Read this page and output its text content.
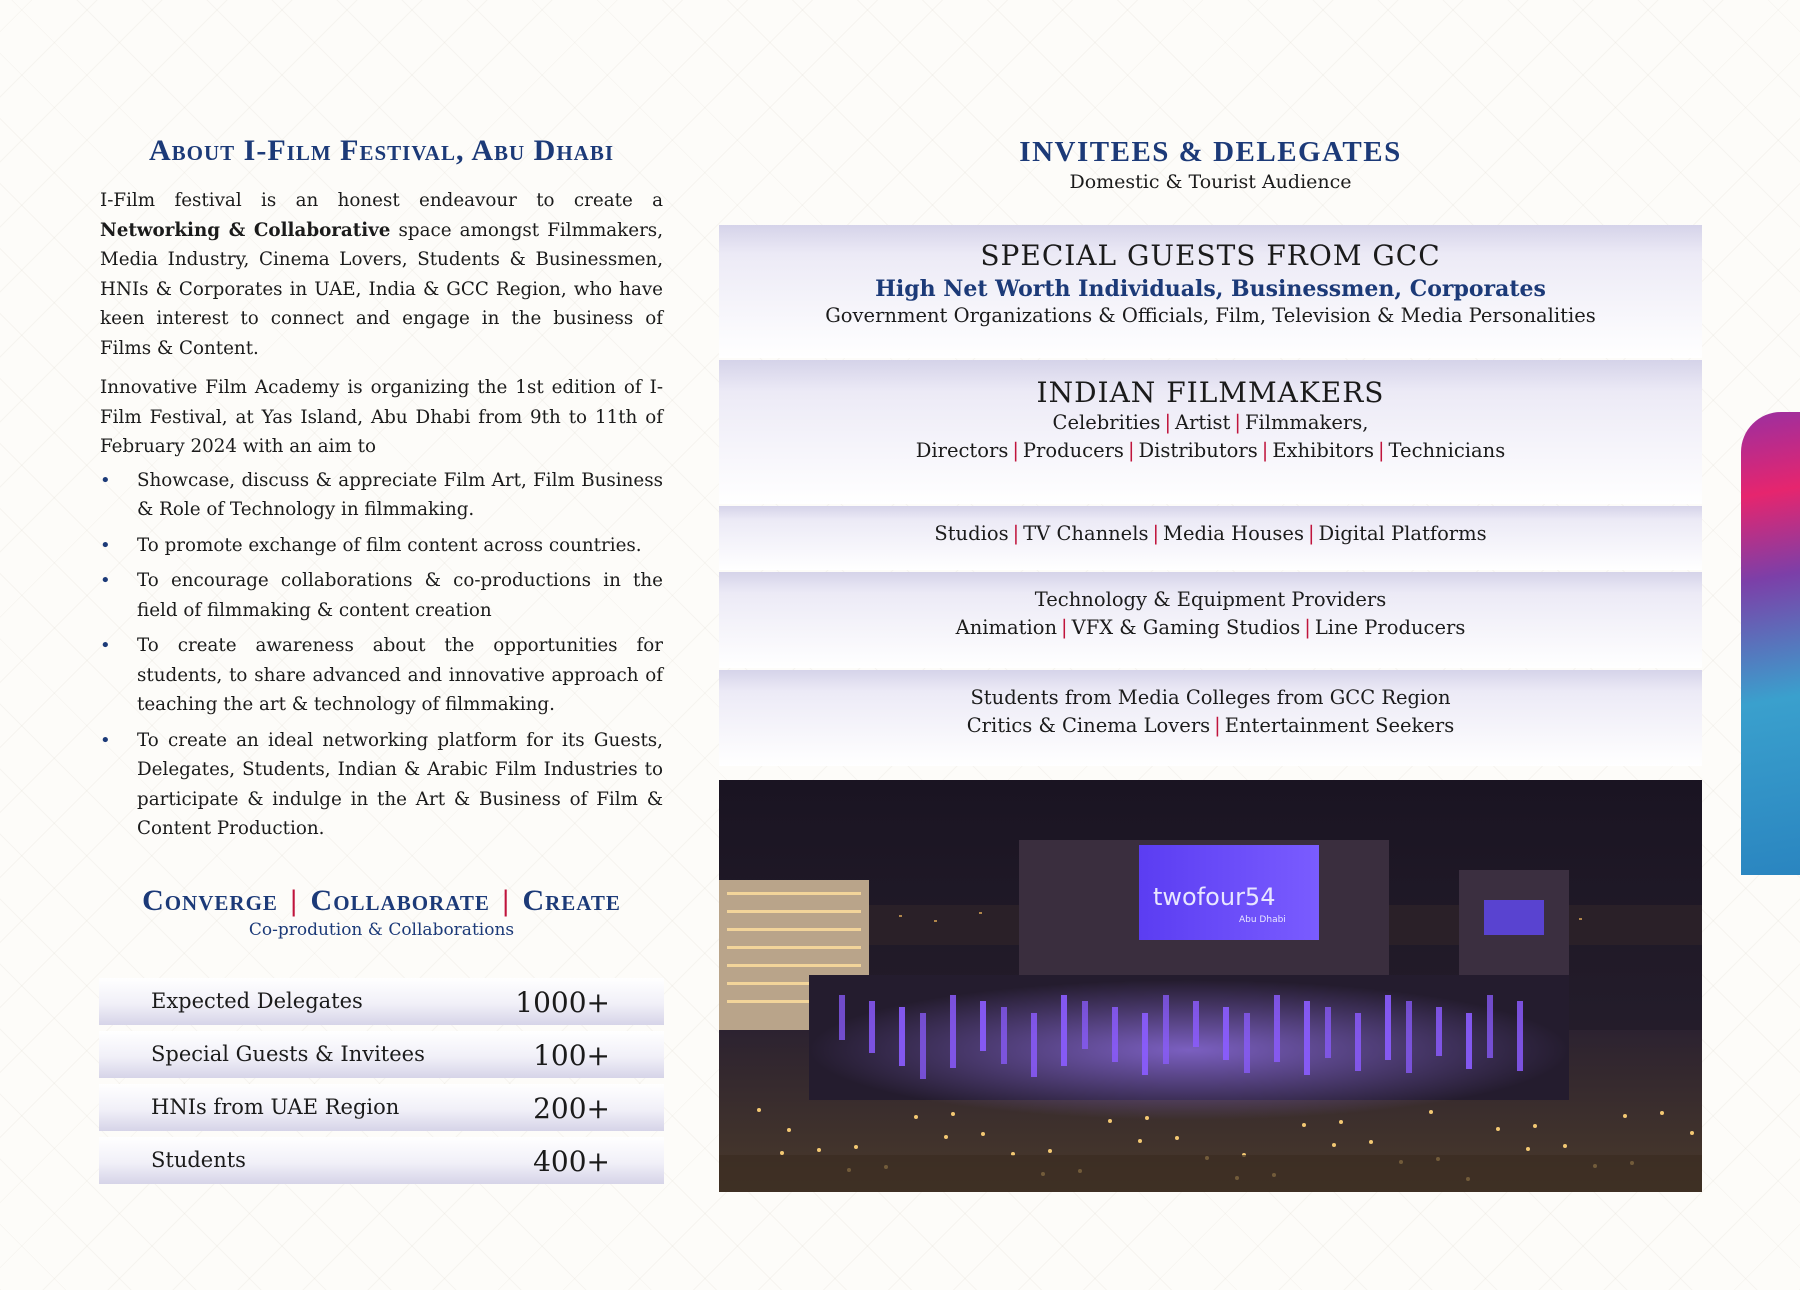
About I-Film Festival, Abu Dhabi

I-Film festival is an honest endeavour to create a Networking & Collaborative space amongst Filmmakers, Media Industry, Cinema Lovers, Students & Businessmen, HNIs & Corporates in UAE, India & GCC Region, who have keen interest to connect and engage in the business of Films & Content.

Innovative Film Academy is organizing the 1st edition of I-Film Festival, at Yas Island, Abu Dhabi from 9th to 11th of February 2024 with an aim to

• Showcase, discuss & appreciate Film Art, Film Business & Role of Technology in filmmaking.
• To promote exchange of film content across countries.
• To encourage collaborations & co-productions in the field of filmmaking & content creation
• To create awareness about the opportunities for students, to share advanced and innovative approach of teaching the art & technology of filmmaking.
• To create an ideal networking platform for its Guests, Delegates, Students, Indian & Arabic Film Industries to participate & indulge in the Art & Business of Film & Content Production.
Converge | Collaborate | Create
Co-prodution & Collaborations
Expected Delegates	1000+
Special Guests & Invitees	100+
HNIs from UAE Region	200+
Students	400+
INVITEES & DELEGATES
Domestic & Tourist Audience
SPECIAL GUESTS FROM GCC
High Net Worth Individuals, Businessmen, Corporates
Government Organizations & Officials, Film, Television & Media Personalities
INDIAN FILMMAKERS
Celebrities | Artist | Filmmakers,
Directors | Producers | Distributors | Exhibitors | Technicians
Studios | TV Channels | Media Houses | Digital Platforms
Technology & Equipment Providers
Animation | VFX & Gaming Studios | Line Producers
Students from Media Colleges from GCC Region
Critics & Cinema Lovers | Entertainment Seekers
twofour54
Abu Dhabi
